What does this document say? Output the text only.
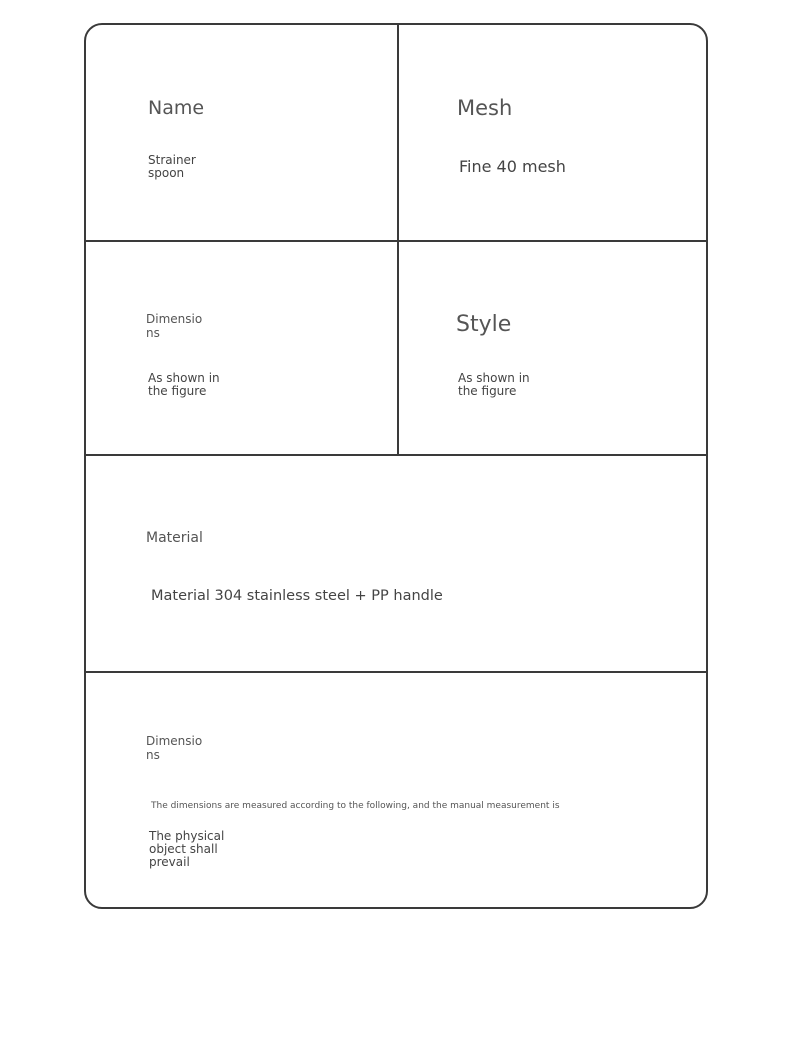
Name
Strainer spoon
Mesh
Fine 40 mesh
Dimensions
As shown in the figure
Style
As shown in the figure
Material
Material 304 stainless steel + PP handle
Dimensions
The dimensions are measured according to the following, and the manual measurement is
The physical object shall prevail
